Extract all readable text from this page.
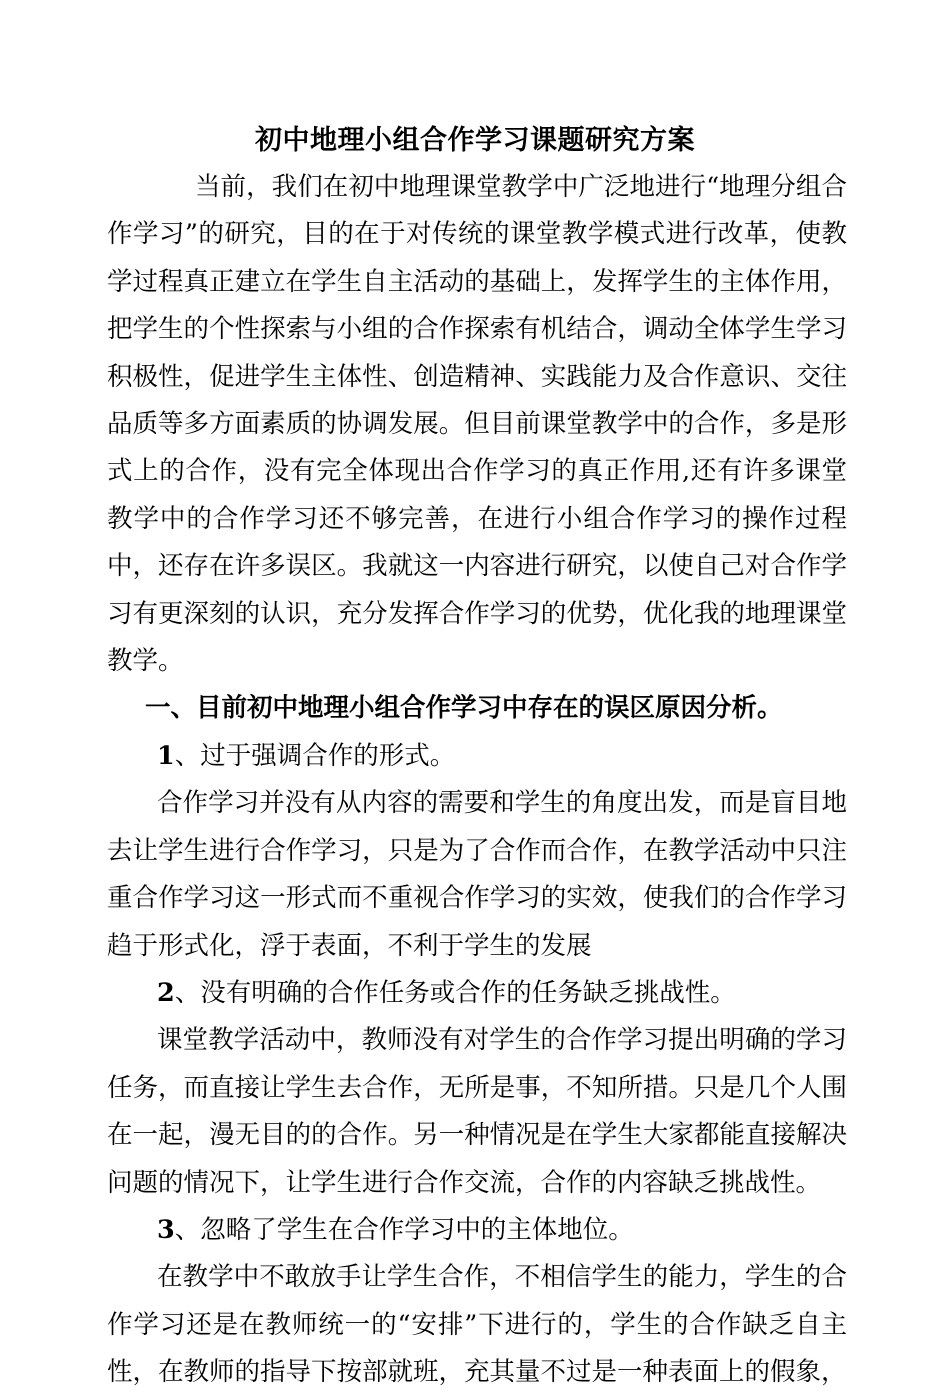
初中地理小组合作学习课题研究方案

当前，我们在初中地理课堂教学中广泛地进行“地理分组合作学习”的研究，目的在于对传统的课堂教学模式进行改革，使教学过程真正建立在学生自主活动的基础上，发挥学生的主体作用，把学生的个性探索与小组的合作探索有机结合，调动全体学生学习积极性，促进学生主体性、创造精神、实践能力及合作意识、交往品质等多方面素质的协调发展。但目前课堂教学中的合作，多是形式上的合作，没有完全体现出合作学习的真正作用,还有许多课堂教学中的合作学习还不够完善，在进行小组合作学习的操作过程中，还存在许多误区。我就这一内容进行研究，以使自己对合作学习有更深刻的认识，充分发挥合作学习的优势，优化我的地理课堂教学。

一、目前初中地理小组合作学习中存在的误区原因分析。

1、过于强调合作的形式。

合作学习并没有从内容的需要和学生的角度出发，而是盲目地去让学生进行合作学习，只是为了合作而合作，在教学活动中只注重合作学习这一形式而不重视合作学习的实效，使我们的合作学习趋于形式化，浮于表面，不利于学生的发展

2、没有明确的合作任务或合作的任务缺乏挑战性。

课堂教学活动中，教师没有对学生的合作学习提出明确的学习任务，而直接让学生去合作，无所是事，不知所措。只是几个人围在一起，漫无目的的合作。另一种情况是在学生大家都能直接解决问题的情况下，让学生进行合作交流，合作的内容缺乏挑战性。

3、忽略了学生在合作学习中的主体地位。

在教学中不敢放手让学生合作，不相信学生的能力，学生的合作学习还是在教师统一的“安排”下进行的，学生的合作缺乏自主性，在教师的指导下按部就班，充其量不过是一种表面上的假象，
